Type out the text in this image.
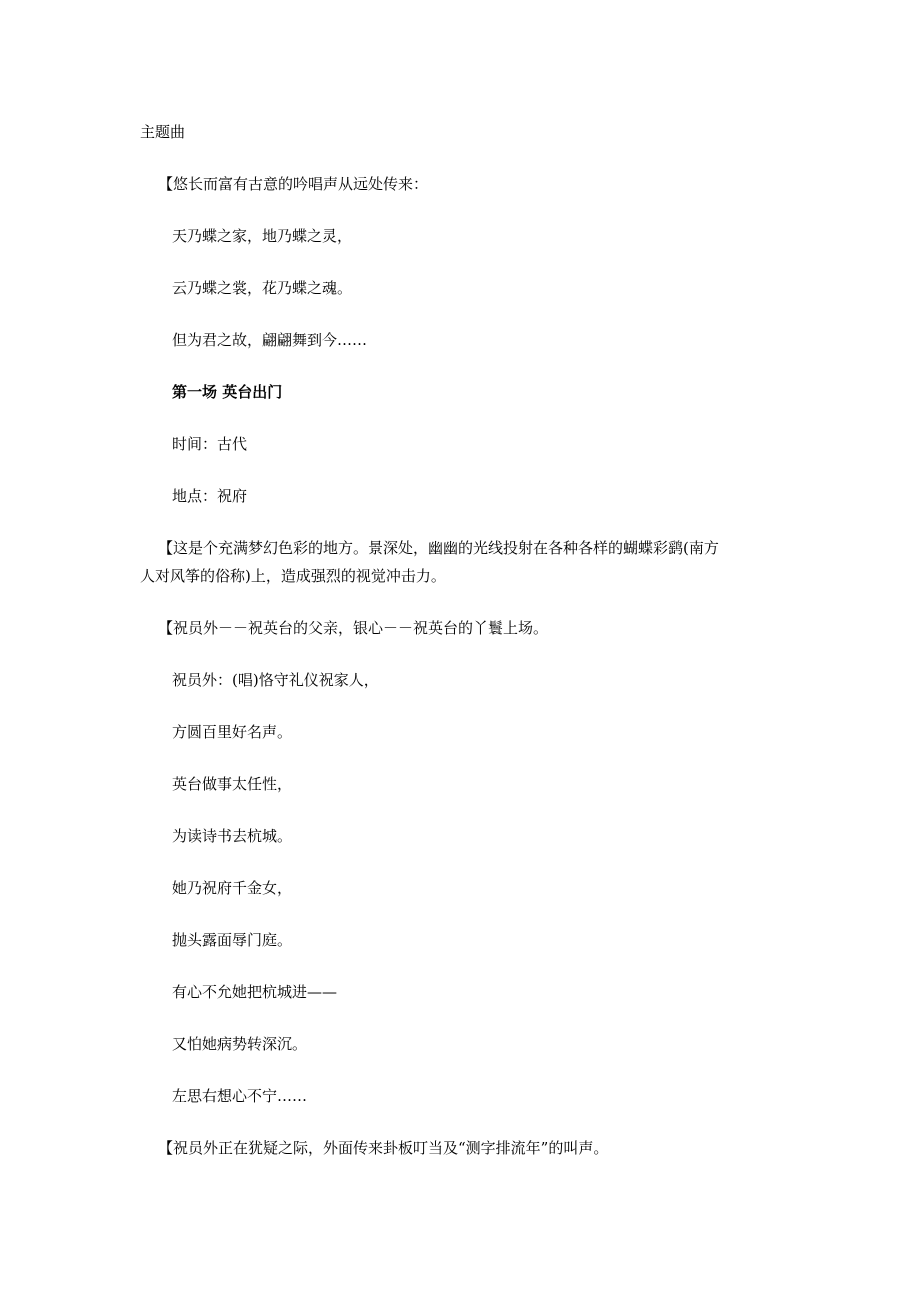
主题曲
【悠长而富有古意的吟唱声从远处传来：
天乃蝶之家，地乃蝶之灵，
云乃蝶之裳，花乃蝶之魂。
但为君之故，翩翩舞到今……
第一场 英台出门
时间：古代
地点：祝府
【这是个充满梦幻色彩的地方。景深处，幽幽的光线投射在各种各样的蝴蝶彩鹞(南方
人对风筝的俗称)上，造成强烈的视觉冲击力。
【祝员外－－祝英台的父亲，银心－－祝英台的丫鬟上场。
祝员外：(唱)恪守礼仪祝家人，
方圆百里好名声。
英台做事太任性，
为读诗书去杭城。
她乃祝府千金女，
抛头露面辱门庭。
有心不允她把杭城进——
又怕她病势转深沉。
左思右想心不宁……
【祝员外正在犹疑之际，外面传来卦板叮当及“测字排流年”的叫声。
